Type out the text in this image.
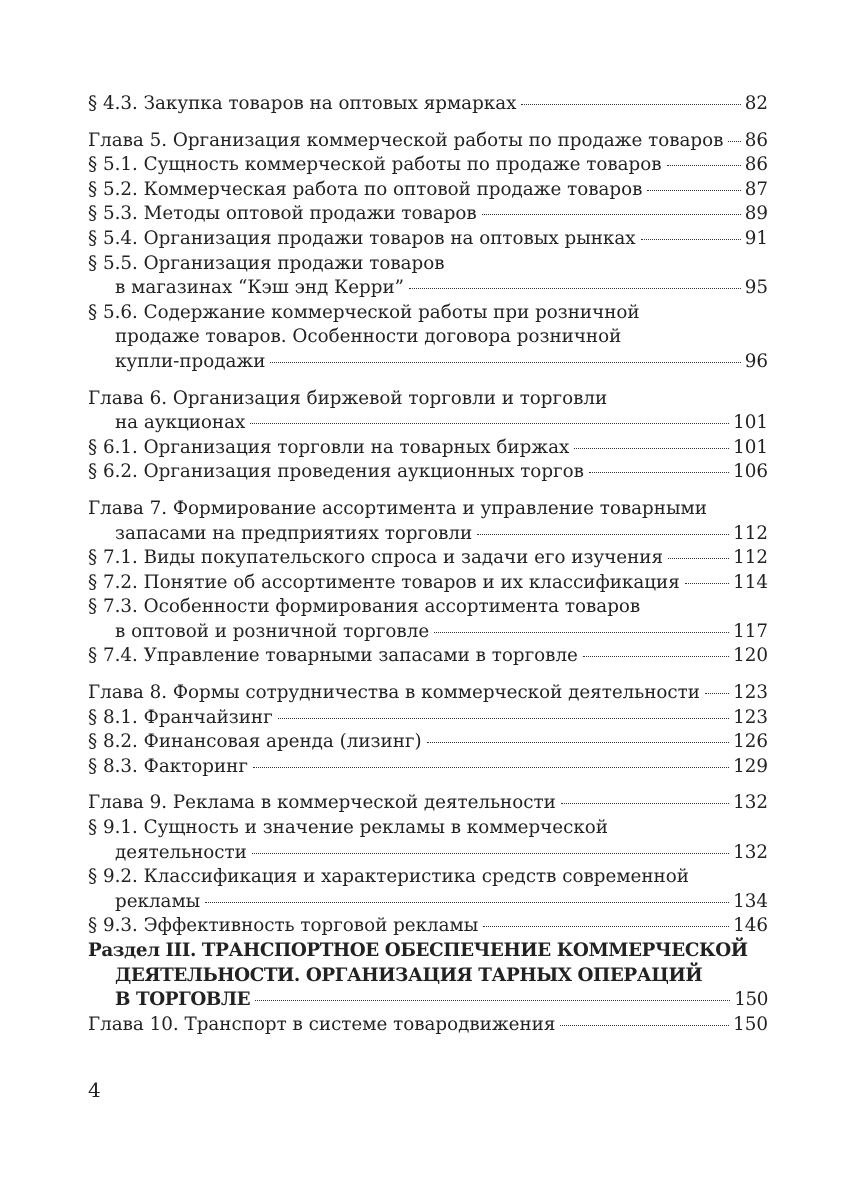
§ 4.3. Закупка товаров на оптовых ярмарках	82
Глава 5. Организация коммерческой работы по продаже товаров 86
§ 5.1. Сущность коммерческой работы по продаже товаров	86
§ 5.2. Коммерческая работа по оптовой продаже товаров	87
§ 5.3. Методы оптовой продажи товаров	89
§ 5.4. Организация продажи товаров на оптовых рынках	91
§ 5.5. Организация продажи товаров
в магазинах “Кэш энд Керри”	95
§ 5.6. Содержание коммерческой работы при розничной
продаже товаров. Особенности договора розничной
купли-продажи	96
Глава 6. Организация биржевой торговли и торговли
на аукционах	101
§ 6.1. Организация торговли на товарных биржах	101
§ 6.2. Организация проведения аукционных торгов	106
Глава 7. Формирование ассортимента и управление товарными
запасами на предприятиях торговли	112
§ 7.1. Виды покупательского спроса и задачи его изучения	112
§ 7.2. Понятие об ассортименте товаров и их классификация	114
§ 7.3. Особенности формирования ассортимента товаров
в оптовой и розничной торговле	117
§ 7.4. Управление товарными запасами в торговле	120
Глава 8. Формы сотрудничества в коммерческой деятельности 123
§ 8.1. Франчайзинг	123
§ 8.2. Финансовая аренда (лизинг)	126
§ 8.3. Факторинг	129
Глава 9. Реклама в коммерческой деятельности	132
§ 9.1. Сущность и значение рекламы в коммерческой
деятельности	132
§ 9.2. Классификация и характеристика средств современной
рекламы	134
§ 9.3. Эффективность торговой рекламы	146
Раздел III. ТРАНСПОРТНОЕ ОБЕСПЕЧЕНИЕ КОММЕРЧЕСКОЙ
ДЕЯТЕЛЬНОСТИ. ОРГАНИЗАЦИЯ ТАРНЫХ ОПЕРАЦИЙ
В ТОРГОВЛЕ	150
Глава 10. Транспорт в системе товародвижения	150
4
